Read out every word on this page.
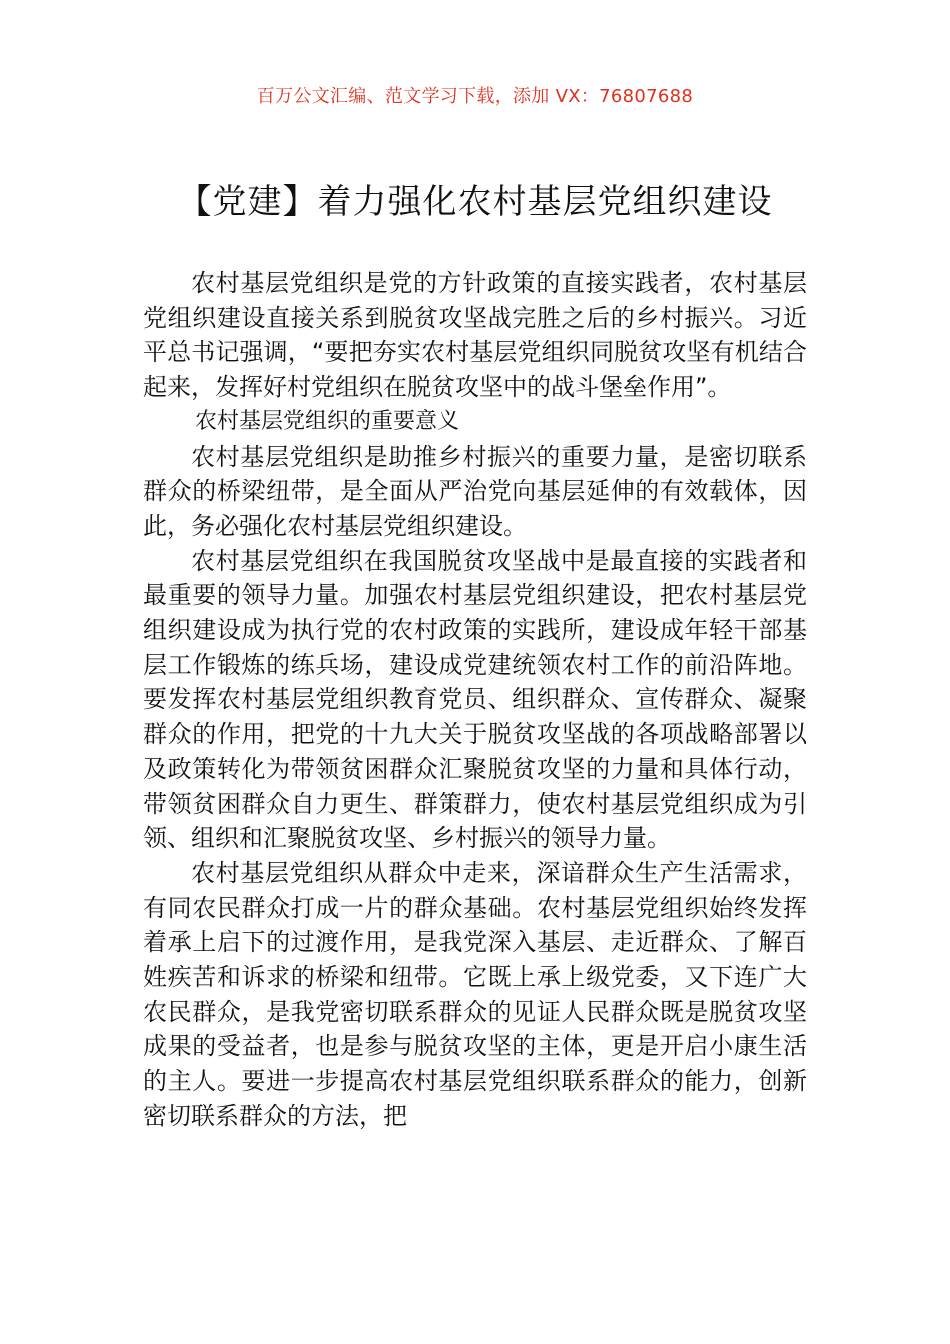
百万公文汇编、范文学习下载，添加 VX：76807688
【党建】着力强化农村基层党组织建设

农村基层党组织是党的方针政策的直接实践者，农村基层党组织建设直接关系到脱贫攻坚战完胜之后的乡村振兴。习近平总书记强调，“要把夯实农村基层党组织同脱贫攻坚有机结合起来，发挥好村党组织在脱贫攻坚中的战斗堡垒作用”。

农村基层党组织的重要意义

农村基层党组织是助推乡村振兴的重要力量，是密切联系群众的桥梁纽带，是全面从严治党向基层延伸的有效载体，因此，务必强化农村基层党组织建设。

农村基层党组织在我国脱贫攻坚战中是最直接的实践者和最重要的领导力量。加强农村基层党组织建设，把农村基层党组织建设成为执行党的农村政策的实践所，建设成年轻干部基层工作锻炼的练兵场，建设成党建统领农村工作的前沿阵地。要发挥农村基层党组织教育党员、组织群众、宣传群众、凝聚群众的作用，把党的十九大关于脱贫攻坚战的各项战略部署以及政策转化为带领贫困群众汇聚脱贫攻坚的力量和具体行动，带领贫困群众自力更生、群策群力，使农村基层党组织成为引领、组织和汇聚脱贫攻坚、乡村振兴的领导力量。

农村基层党组织从群众中走来，深谙群众生产生活需求，有同农民群众打成一片的群众基础。农村基层党组织始终发挥着承上启下的过渡作用，是我党深入基层、走近群众、了解百姓疾苦和诉求的桥梁和纽带。它既上承上级党委，又下连广大农民群众，是我党密切联系群众的见证人民群众既是脱贫攻坚成果的受益者，也是参与脱贫攻坚的主体，更是开启小康生活的主人。要进一步提高农村基层党组织联系群众的能力，创新密切联系群众的方法，把
